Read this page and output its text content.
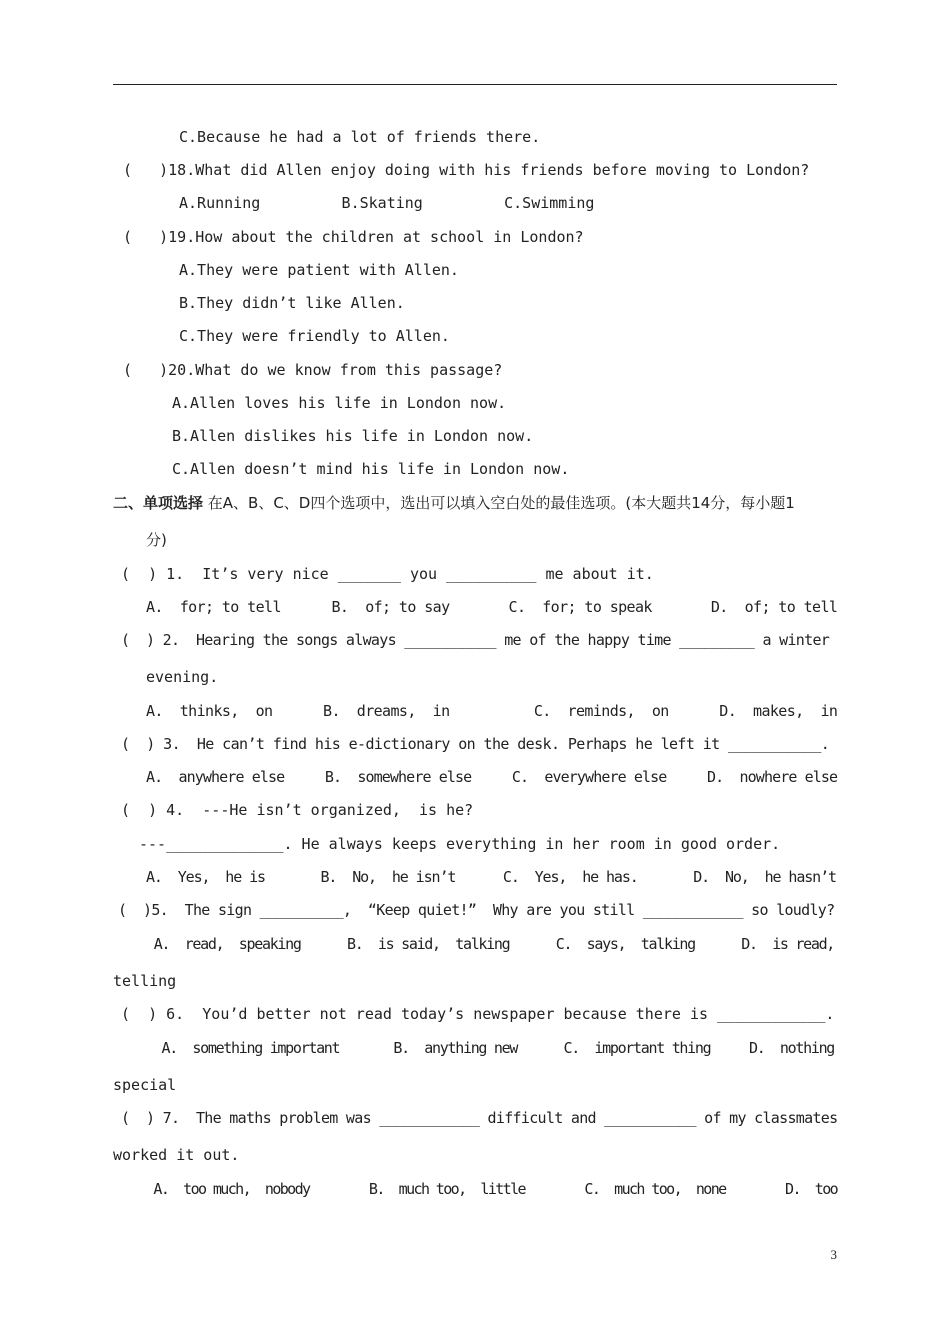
C.Because he had a lot of friends there.
(   )18.What did Allen enjoy doing with his friends before moving to London?
A.Running         B.Skating         C.Swimming
(   )19.How about the children at school in London?
A.They were patient with Allen.
B.They didn’t like Allen.
C.They were friendly to Allen.
(   )20.What do we know from this passage?
A.Allen loves his life in London now.
B.Allen dislikes his life in London now.
C.Allen doesn’t mind his life in London now.
二、单项选择 在A、B、C、D四个选项中，选出可以填入空白处的最佳选项。(本大题共14分，每小题1
分)
(  ) 1.  It’s very nice _______ you __________ me about it.
A.  for; to tell      B.  of; to say       C.  for; to speak       D.  of; to tell
(  ) 2.  Hearing the songs always ___________ me of the happy time _________ a winter
evening.
A.  thinks,  on      B.  dreams,  in          C.  reminds,  on      D.  makes,  in
(  ) 3.  He can’t find his e-dictionary on the desk. Perhaps he left it ___________.
A.  anywhere else     B.  somewhere else     C.  everywhere else     D.  nowhere else
(  ) 4.  ---He isn’t organized,  is he?
---_____________. He always keeps everything in her room in good order.
A.  Yes,  he is       B.  No,  he isn’t      C.  Yes,  he has.       D.  No,  he hasn’t
(  )5.  The sign __________,  “Keep quiet!”  Why are you still ____________ so loudly?
A.  read,  speaking      B.  is said,  talking      C.  says,  talking      D.  is read,
telling
(  ) 6.  You’d better not read today’s newspaper because there is ____________.
A.  something important       B.  anything new      C.  important thing     D.  nothing
special
(  ) 7.  The maths problem was ____________ difficult and ___________ of my classmates
worked it out.
A.  too much,  nobody        B.  much too,  little        C.  much too,  none        D.  too
3
